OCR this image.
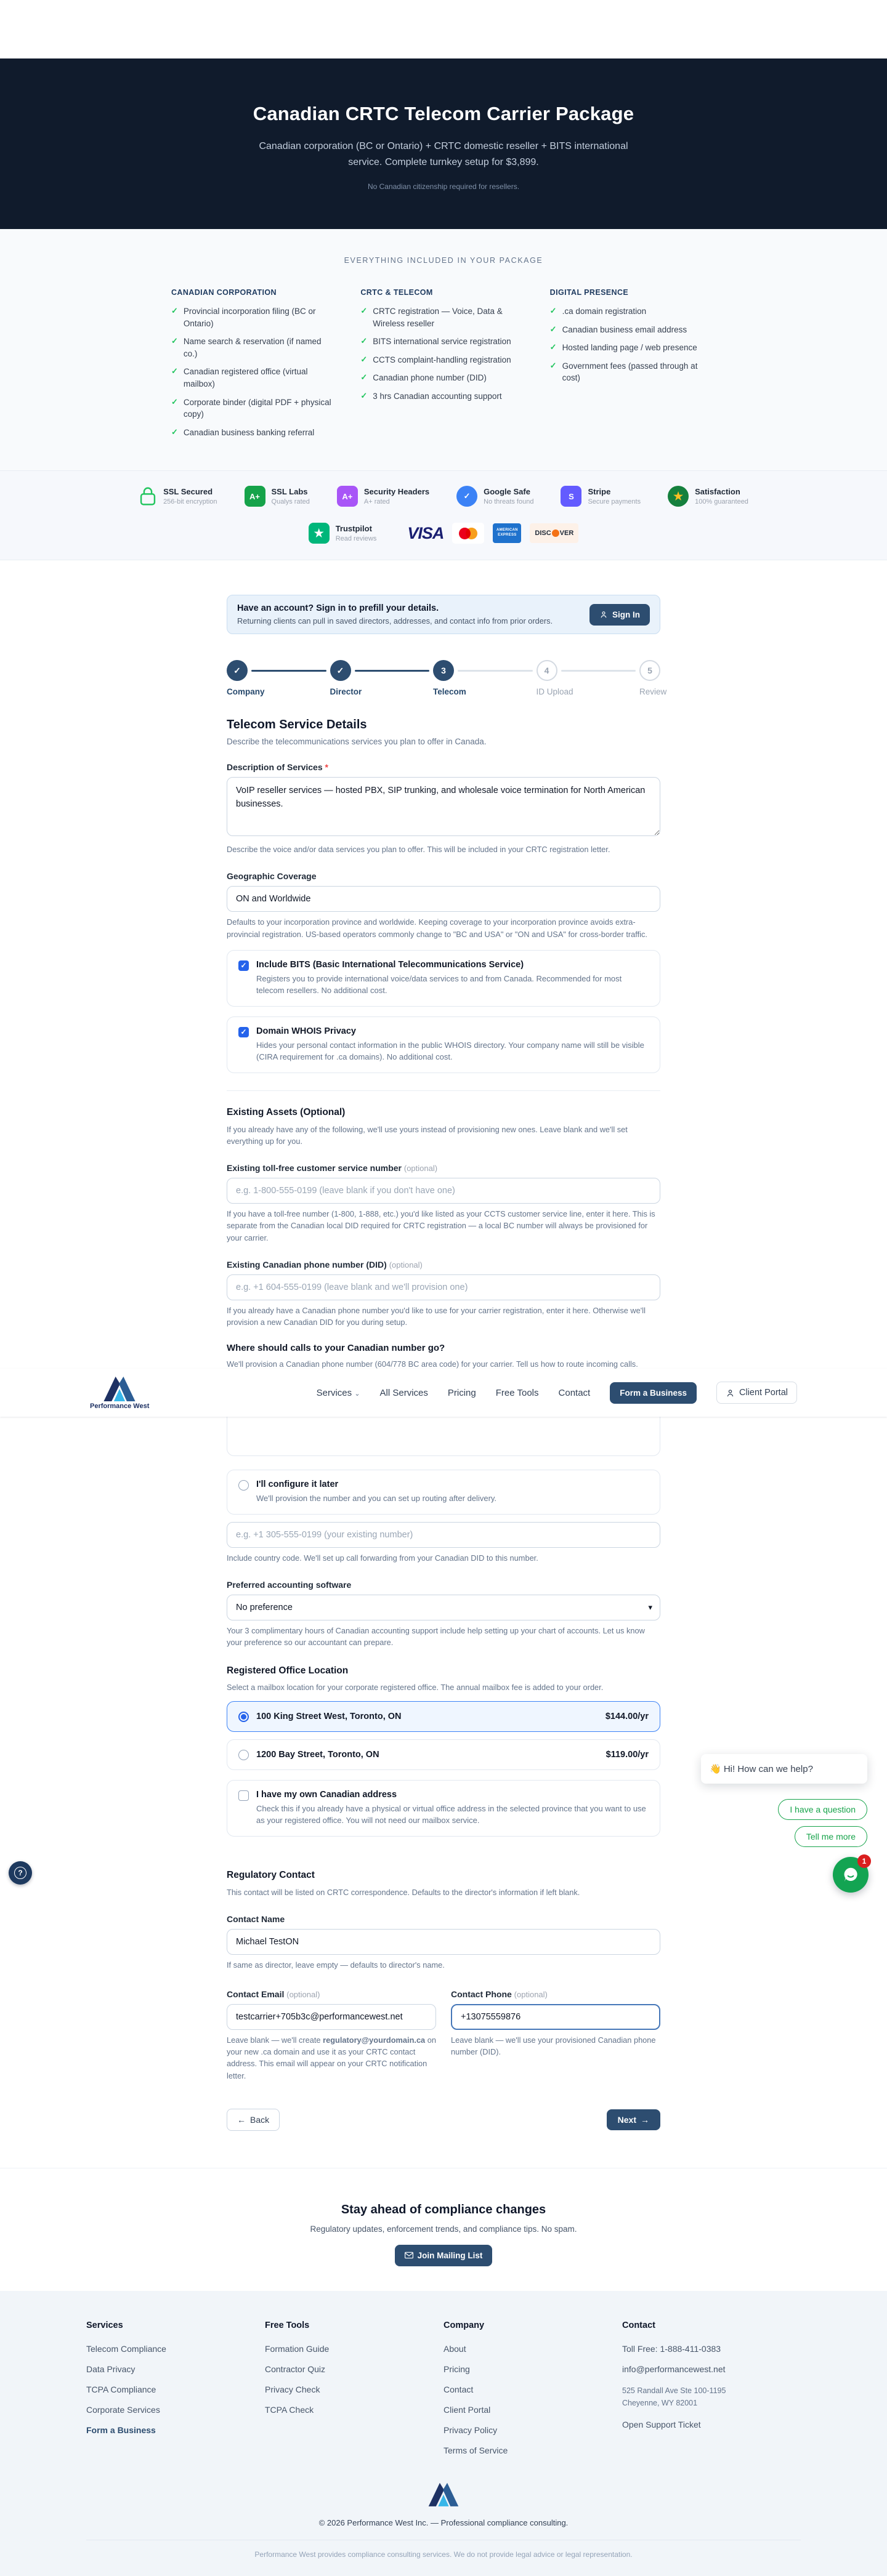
Canadian CRTC Telecom Carrier Package
Canadian corporation (BC or Ontario) + CRTC domestic reseller + BITS international service. Complete turnkey setup for $3,899.
No Canadian citizenship required for resellers.
EVERYTHING INCLUDED IN YOUR PACKAGE
CANADIAN CORPORATION
✓ Provincial incorporation filing (BC or Ontario)
✓ Name search & reservation (if named co.)
✓ Canadian registered office (virtual mailbox)
✓ Corporate binder (digital PDF + physical copy)
✓ Canadian business banking referral
CRTC & TELECOM
✓ CRTC registration — Voice, Data & Wireless reseller
✓ BITS international service registration
✓ CCTS complaint-handling registration
✓ Canadian phone number (DID)
✓ 3 hrs Canadian accounting support
DIGITAL PRESENCE
✓ .ca domain registration
✓ Canadian business email address
✓ Hosted landing page / web presence
✓ Government fees (passed through at cost)
SSL Secured
256-bit encryption
A+	SSL Labs
Qualys rated
A+	Security Headers
A+ rated
✓	Google Safe
No threats found
S	Stripe
Secure payments	★	Satisfaction
100% guaranteed
★	Trustpilot
Read reviews VISA	AMERICAN
EXPRESS	DISC VER
Have an account? Sign in to prefill your details.
Returning clients can pull in saved directors, addresses, and contact info from prior orders.
Sign In
✓
Company
✓
Director
3
Telecom
4
ID Upload
5
Review
Telecom Service Details
Describe the telecommunications services you plan to offer in Canada.
Description of Services *
VoIP reseller services — hosted PBX, SIP trunking, and wholesale voice termination for North American businesses.
Describe the voice and/or data services you plan to offer. This will be included in your CRTC registration letter.
Geographic Coverage
ON and Worldwide
Defaults to your incorporation province and worldwide. Keeping coverage to your incorporation province avoids extra-provincial registration. US-based operators commonly change to "BC and USA" or "ON and USA" for cross-border traffic.
✓ Include BITS (Basic International Telecommunications Service)
Registers you to provide international voice/data services to and from Canada. Recommended for most telecom resellers. No additional cost.
✓ Domain WHOIS Privacy
Hides your personal contact information in the public WHOIS directory. Your company name will still be visible (CIRA requirement for .ca domains). No additional cost.
Existing Assets (Optional)
If you already have any of the following, we'll use yours instead of provisioning new ones. Leave blank and we'll set everything up for you.
Existing toll-free customer service number (optional)
e.g. 1-800-555-0199 (leave blank if you don't have one)
If you have a toll-free number (1-800, 1-888, etc.) you'd like listed as your CCTS customer service line, enter it here. This is separate from the Canadian local DID required for CRTC registration — a local BC number will always be provisioned for your carrier.
Existing Canadian phone number (DID) (optional)
e.g. +1 604-555-0199 (leave blank and we'll provision one)
If you already have a Canadian phone number you'd like to use for your carrier registration, enter it here. Otherwise we'll provision a new Canadian DID for you during setup.
Where should calls to your Canadian number go?
We'll provision a Canadian phone number (604/778 BC area code) for your carrier. Tell us how to route incoming calls.
I'll configure it later
We'll provision the number and you can set up routing after delivery.
e.g. +1 305-555-0199 (your existing number)
Include country code. We'll set up call forwarding from your Canadian DID to this number.
Preferred accounting software
No preference	▾
Your 3 complimentary hours of Canadian accounting support include help setting up your chart of accounts. Let us know your preference so our accountant can prepare.
Registered Office Location
Select a mailbox location for your corporate registered office. The annual mailbox fee is added to your order.
100 King Street West, Toronto, ON	$144.00/yr
1200 Bay Street, Toronto, ON	$119.00/yr
I have my own Canadian address
Check this if you already have a physical or virtual office address in the selected province that you want to use as your registered office. You will not need our mailbox service.
Regulatory Contact
This contact will be listed on CRTC correspondence. Defaults to the director's information if left blank.
Contact Name
Michael TestON
If same as director, leave empty — defaults to director's name.
Contact Email (optional)
testcarrier+705b3c@performancewest.net
Leave blank — we'll create regulatory@yourdomain.ca on your new .ca domain and use it as your CRTC contact address. This email will appear on your CRTC notification letter.
Contact Phone (optional)
+13075559876
Leave blank — we'll use your provisioned Canadian phone number (DID).
← Back	Next →
Performance West
Services ⌄ All Services Pricing Free Tools Contact	Form a Business	Client Portal
Stay ahead of compliance changes
Regulatory updates, enforcement trends, and compliance tips. No spam.
Join Mailing List
Services
Telecom Compliance
Data Privacy
TCPA Compliance
Corporate Services
Form a Business
Free Tools
Formation Guide
Contractor Quiz
Privacy Check
TCPA Check
Company
About
Pricing
Contact
Client Portal
Privacy Policy
Terms of Service
Contact
Toll Free: 1-888-411-0383
info@performancewest.net
525 Randall Ave Ste 100-1195
Cheyenne, WY 82001
Open Support Ticket
© 2026 Performance West Inc. — Professional compliance consulting.
Performance West provides compliance consulting services. We do not provide legal advice or legal representation.
?
👋 Hi! How can we help?
I have a question
Tell me more
1
